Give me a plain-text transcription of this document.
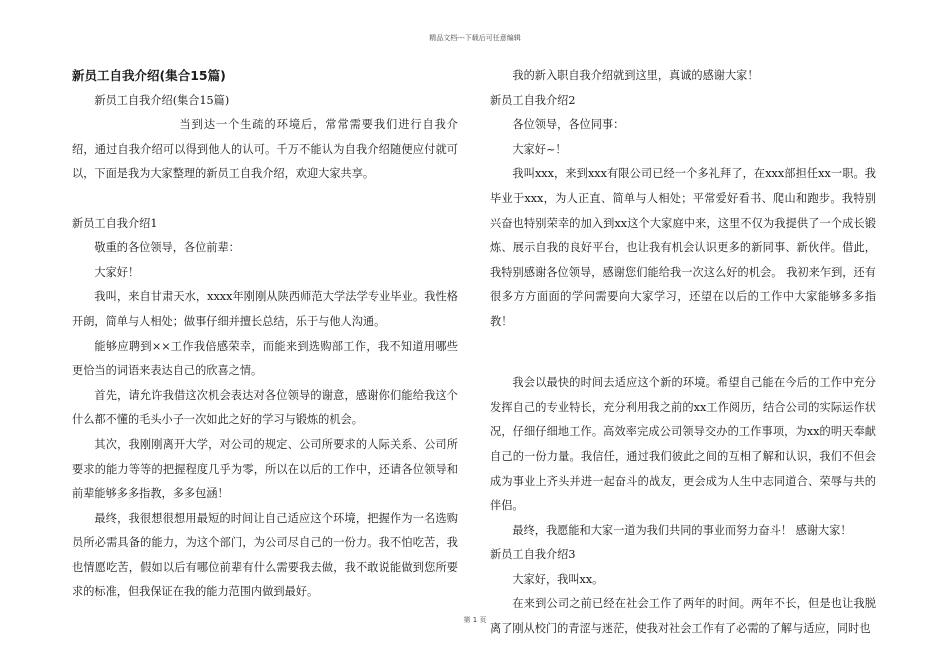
精品文档---下载后可任意编辑

新员工自我介绍(集合15篇)

新员工自我介绍(集合15篇)

当到达一个生疏的环境后，常常需要我们进行自我介绍，通过自我介绍可以得到他人的认可。千万不能认为自我介绍随便应付就可以，下面是我为大家整理的新员工自我介绍，欢迎大家共享。

新员工自我介绍1

敬重的各位领导，各位前辈：

大家好！

我叫，来自甘肃天水，xxxx年刚刚从陕西师范大学法学专业毕业。我性格开朗，简单与人相处；做事仔细并擅长总结，乐于与他人沟通。

能够应聘到××工作我倍感荣幸，而能来到选购部工作，我不知道用哪些更恰当的词语来表达自己的欣喜之情。

首先，请允许我借这次机会表达对各位领导的谢意，感谢你们能给我这个什么都不懂的毛头小子一次如此之好的学习与锻炼的机会。

其次，我刚刚离开大学，对公司的规定、公司所要求的人际关系、公司所要求的能力等等的把握程度几乎为零，所以在以后的工作中，还请各位领导和前辈能够多多指教，多多包涵！

最终，我很想很想用最短的时间让自己适应这个环境，把握作为一名选购员所必需具备的能力，为这个部门，为公司尽自己的一份力。我不怕吃苦，我也情愿吃苦，假如以后有哪位前辈有什么需要我去做，我不敢说能做到您所要求的标准，但我保证在我的能力范围内做到最好。

我的新入职自我介绍就到这里，真诚的感谢大家！

新员工自我介绍2

各位领导，各位同事：

大家好~！

我叫xxx，来到xxx有限公司已经一个多礼拜了，在xxx部担任xx一职。我毕业于xxx，为人正直、简单与人相处；平常爱好看书、爬山和跑步。我特别兴奋也特别荣幸的加入到xx这个大家庭中来，这里不仅为我提供了一个成长锻炼、展示自我的良好平台，也让我有机会认识更多的新同事、新伙伴。借此，我特别感谢各位领导，感谢您们能给我一次这么好的机会。 我初来乍到，还有很多方方面面的学问需要向大家学习，还望在以后的工作中大家能够多多指教！

我会以最快的时间去适应这个新的环境。希望自己能在今后的工作中充分发挥自己的专业特长，充分利用我之前的xx工作阅历，结合公司的实际运作状况，仔细仔细地工作。高效率完成公司领导交办的工作事项，为xx的明天奉献自己的一份力量。我信任，通过我们彼此之间的互相了解和认识，我们不但会成为事业上齐头并进一起奋斗的战友，更会成为人生中志同道合、荣辱与共的伴侣。

最终，我愿能和大家一道为我们共同的事业而努力奋斗！ 感谢大家！

新员工自我介绍3

大家好，我叫xx。

在来到公司之前已经在社会工作了两年的时间。两年不长，但是也让我脱离了刚从校门的青涩与迷茫，使我对社会工作有了必需的了解与适应，同时也

第 1 页
